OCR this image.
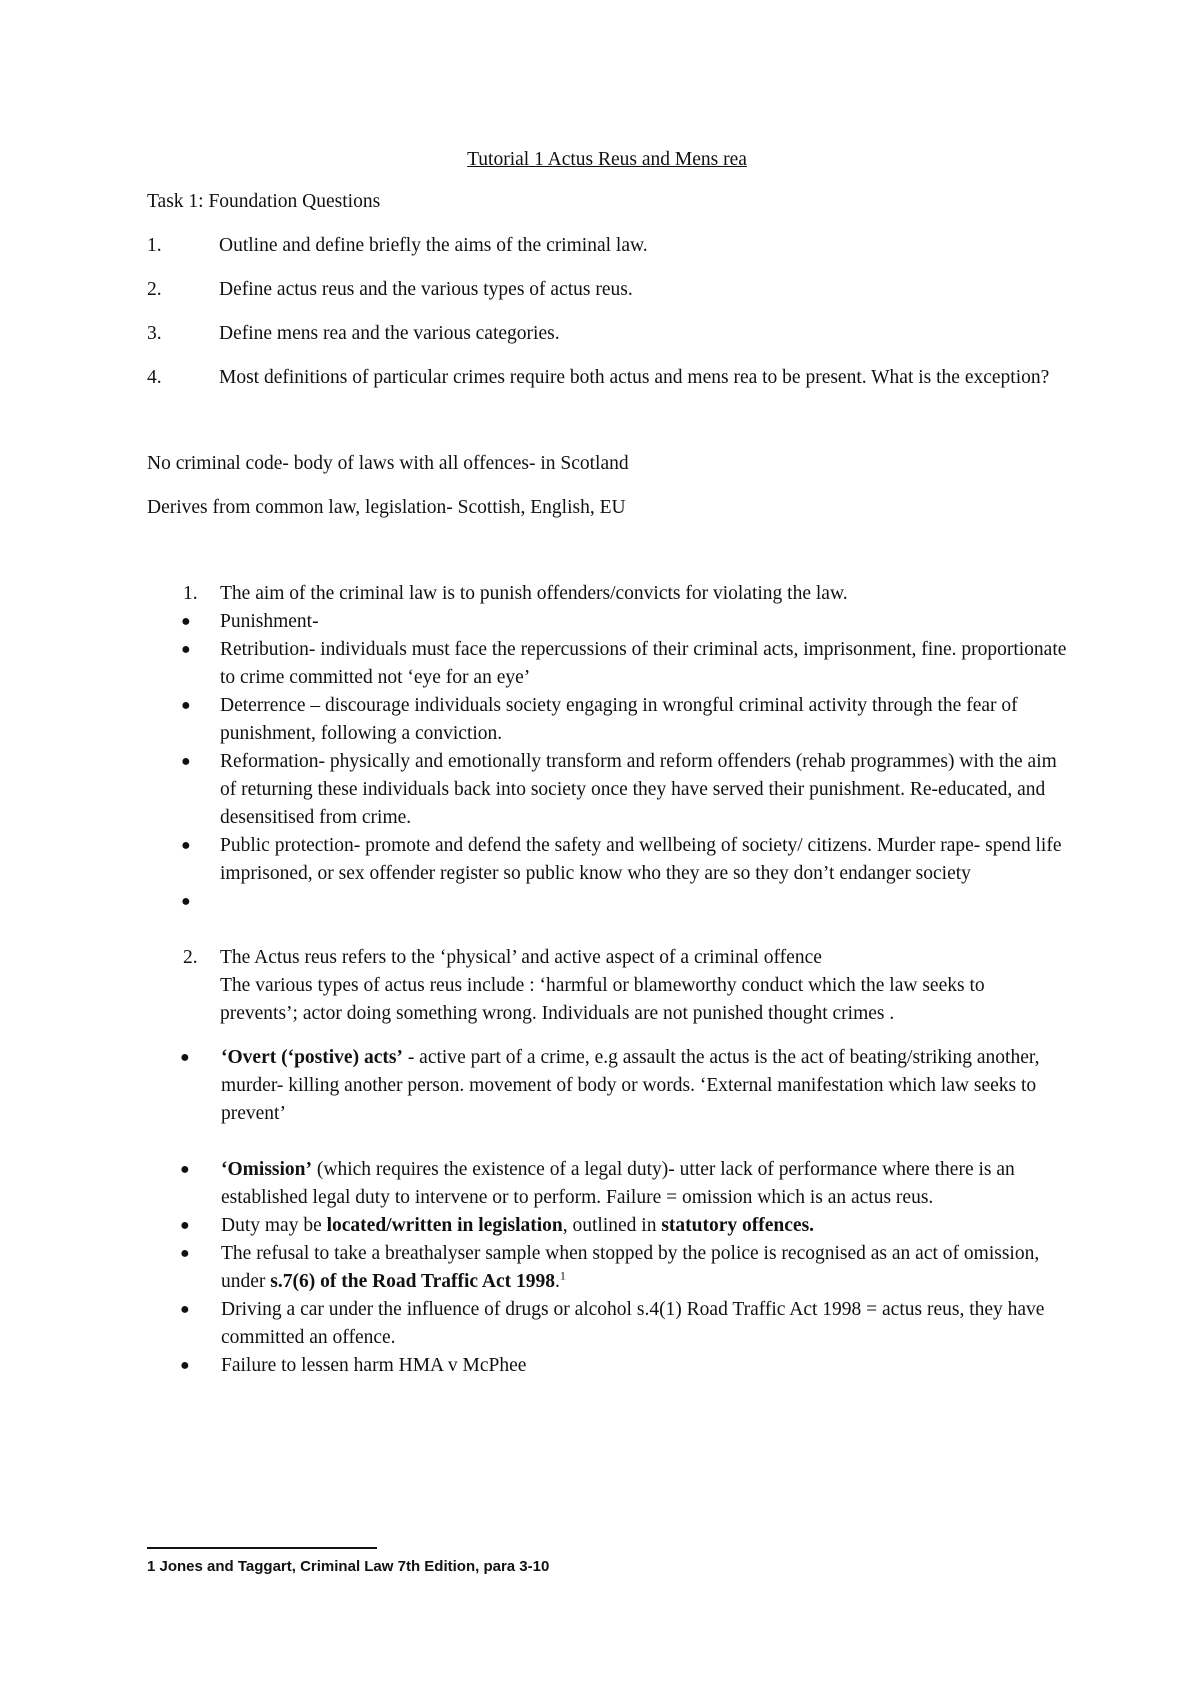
Tutorial 1 Actus Reus and Mens rea

Task 1: Foundation Questions

1.	Outline and define briefly the aims of the criminal law.
2.	Define actus reus and the various types of actus reus.
3.	Define mens rea and the various categories.
4.	Most definitions of particular crimes require both actus and mens rea to be present. What is the exception?

No criminal code- body of laws with all offences- in Scotland

Derives from common law, legislation- Scottish, English, EU

1. The aim of the criminal law is to punish offenders/convicts for violating the law.
● Punishment-
● Retribution- individuals must face the repercussions of their criminal acts, imprisonment, fine. proportionate to crime committed not ‘eye for an eye’
● Deterrence – discourage individuals society engaging in wrongful criminal activity through the fear of punishment, following a conviction.
● Reformation- physically and emotionally transform and reform offenders (rehab programmes) with the aim of returning these individuals back into society once they have served their punishment. Re-educated, and desensitised from crime.
● Public protection- promote and defend the safety and wellbeing of society/ citizens. Murder rape- spend life imprisoned, or sex offender register so public know who they are so they don’t endanger society
●

2. The Actus reus refers to the ‘physical’ and active aspect of a criminal offence
The various types of actus reus include : ‘harmful or blameworthy conduct which the law seeks to prevents’; actor doing something wrong. Individuals are not punished thought crimes .
● ‘Overt (‘postive) acts’ - active part of a crime, e.g assault the actus is the act of beating/striking another, murder- killing another person. movement of body or words. ‘External manifestation which law seeks to prevent’
● ‘Omission’ (which requires the existence of a legal duty)- utter lack of performance where there is an established legal duty to intervene or to perform. Failure = omission which is an actus reus.
● Duty may be located/written in legislation, outlined in statutory offences.
● The refusal to take a breathalyser sample when stopped by the police is recognised as an act of omission, under s.7(6) of the Road Traffic Act 1998.$^1$
● Driving a car under the influence of drugs or alcohol s.4(1) Road Traffic Act 1998 = actus reus, they have committed an offence.
● Failure to lessen harm HMA v McPhee
1 Jones and Taggart, Criminal Law 7th Edition, para 3-10
